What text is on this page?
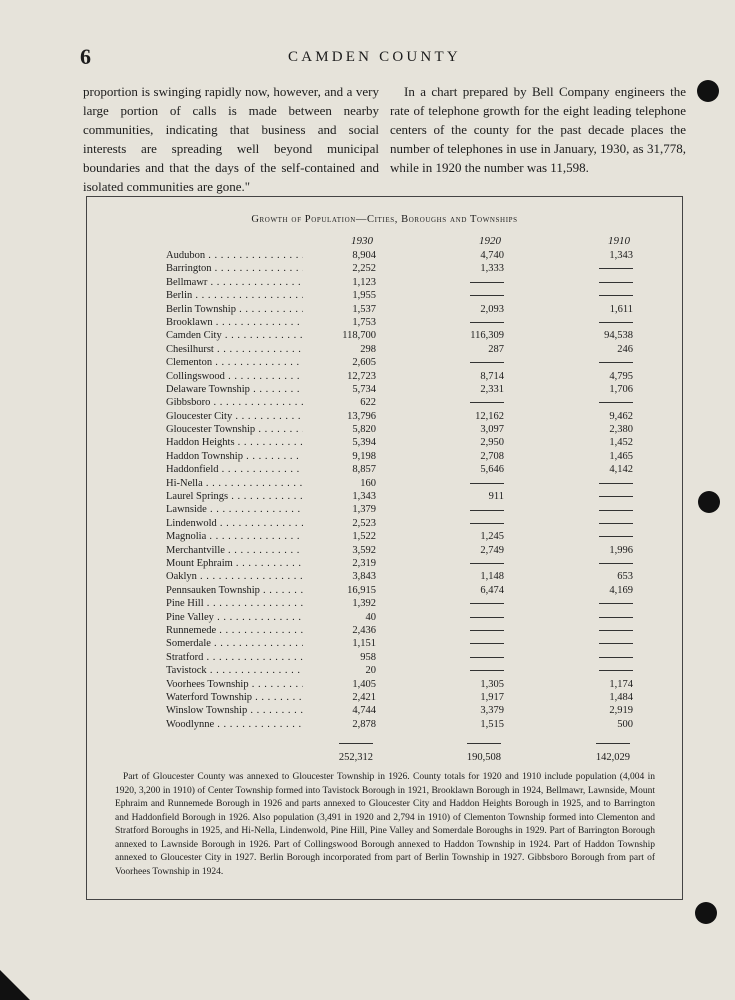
6	CAMDEN COUNTY

proportion is swinging rapidly now, however, and a very large portion of calls is made between nearby communities, indicating that business and social interests are spreading well beyond municipal boundaries and that the days of the self-contained and isolated communities are gone."

In a chart prepared by Bell Company engineers the rate of telephone growth for the eight leading telephone centers of the county for the past decade places the number of telephones in use in January, 1930, as 31,778, while in 1920 the number was 11,598.

Growth of Population—Cities, Boroughs and Townships
1930	1920	1910
Audubon . . .	8,904	4,740	1,343
Barrington . . .	2,252	1,333
Bellmawr . . .	1,123
Berlin . . .	1,955
Berlin Township . . .	1,537	2,093	1,611
Brooklawn . . .	1,753
Camden City . . .	118,700	116,309	94,538
Chesilhurst . . .	298	287	246
Clementon . . .	2,605
Collingswood . . .	12,723	8,714	4,795
Delaware Township . . .	5,734	2,331	1,706
Gibbsboro . . .	622
Gloucester City . . .	13,796	12,162	9,462
Gloucester Township . . .	5,820	3,097	2,380
Haddon Heights . . .	5,394	2,950	1,452
Haddon Township . . .	9,198	2,708	1,465
Haddonfield . . .	8,857	5,646	4,142
Hi-Nella . . .	160
Laurel Springs . . .	1,343	911
Lawnside . . .	1,379
Lindenwold . . .	2,523
Magnolia . . .	1,522	1,245
Merchantville . . .	3,592	2,749	1,996
Mount Ephraim . . .	2,319
Oaklyn . . .	3,843	1,148	653
Pennsauken Township . . .	16,915	6,474	4,169
Pine Hill . . .	1,392
Pine Valley . . .	40
Runnemede . . .	2,436
Somerdale . . .	1,151
Stratford . . .	958
Tavistock . . .	20
Voorhees Township . . .	1,405	1,305	1,174
Waterford Township . . .	2,421	1,917	1,484
Winslow Township . . .	4,744	3,379	2,919
Woodlynne . . .	2,878	1,515	500
252,312	190,508	142,029
Part of Gloucester County was annexed to Gloucester Township in 1926. County totals for 1920 and 1910 include population (4,004 in 1920, 3,200 in 1910) of Center Township formed into Tavistock Borough in 1921, Brooklawn Borough in 1924, Bellmawr, Lawnside, Mount Ephraim and Runnemede Borough in 1926 and parts annexed to Gloucester City and Haddon Heights Borough in 1925, and to Barrington and Haddonfield Borough in 1926. Also population (3,491 in 1920 and 2,794 in 1910) of Clementon Township formed into Clementon and Stratford Boroughs in 1925, and Hi-Nella, Lindenwold, Pine Hill, Pine Valley and Somerdale Boroughs in 1929. Part of Barrington Borough annexed to Lawnside Borough in 1926. Part of Collingswood Borough annexed to Haddon Township in 1924. Part of Haddon Township annexed to Gloucester City in 1927. Berlin Borough incorporated from part of Berlin Township in 1927. Gibbsboro Borough from part of Voorhees Township in 1924.
